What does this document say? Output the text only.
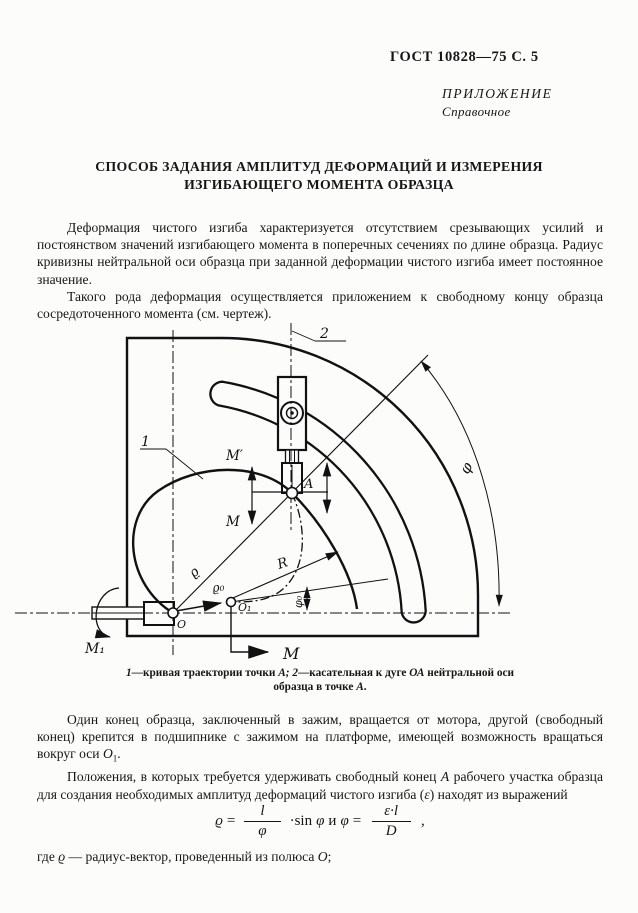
ГОСТ 10828—75 С. 5
ПРИЛОЖЕНИЕ
Справочное
СПОСОБ ЗАДАНИЯ АМПЛИТУД ДЕФОРМАЦИЙ И ИЗМЕРЕНИЯ
ИЗГИБАЮЩЕГО МОМЕНТА ОБРАЗЦА

Деформация чистого изгиба характеризуется отсутствием срезывающих усилий и постоянством значений изгибающего момента в поперечных сечениях по длине образца. Радиус кривизны нейтральной оси образца при заданной деформации чистого изгиба имеет постоянное значение.

Такого рода деформация осуществляется приложением к свободному концу образца сосредоточенного момента (см. чертеж).

1
2
M′
M
A
ϱ
ϱ₀
φ₀
R
φ
О
О₁
M₁	M
1—кривая траектории точки А; 2—касательная к дуге ОА нейтральной оси
образца в точке А.

Один конец образца, заключенный в зажим, вращается от мотора, другой (свободный конец) крепится в подшипнике с зажимом на платформе, имеющей возможность вращаться вокруг оси $О_1$.

Положения, в которых требуется удерживать свободный конец А рабочего участка образца для создания необходимых амплитуд деформаций чистого изгиба (ε) находят из выражений

$ϱ = \frac{l}{\varphi} \cdot\sin$ φ и $\varphi = \frac{\varepsilon\cdot l}{D}$ ,
где ϱ — радиус-вектор, проведенный из полюса О;
